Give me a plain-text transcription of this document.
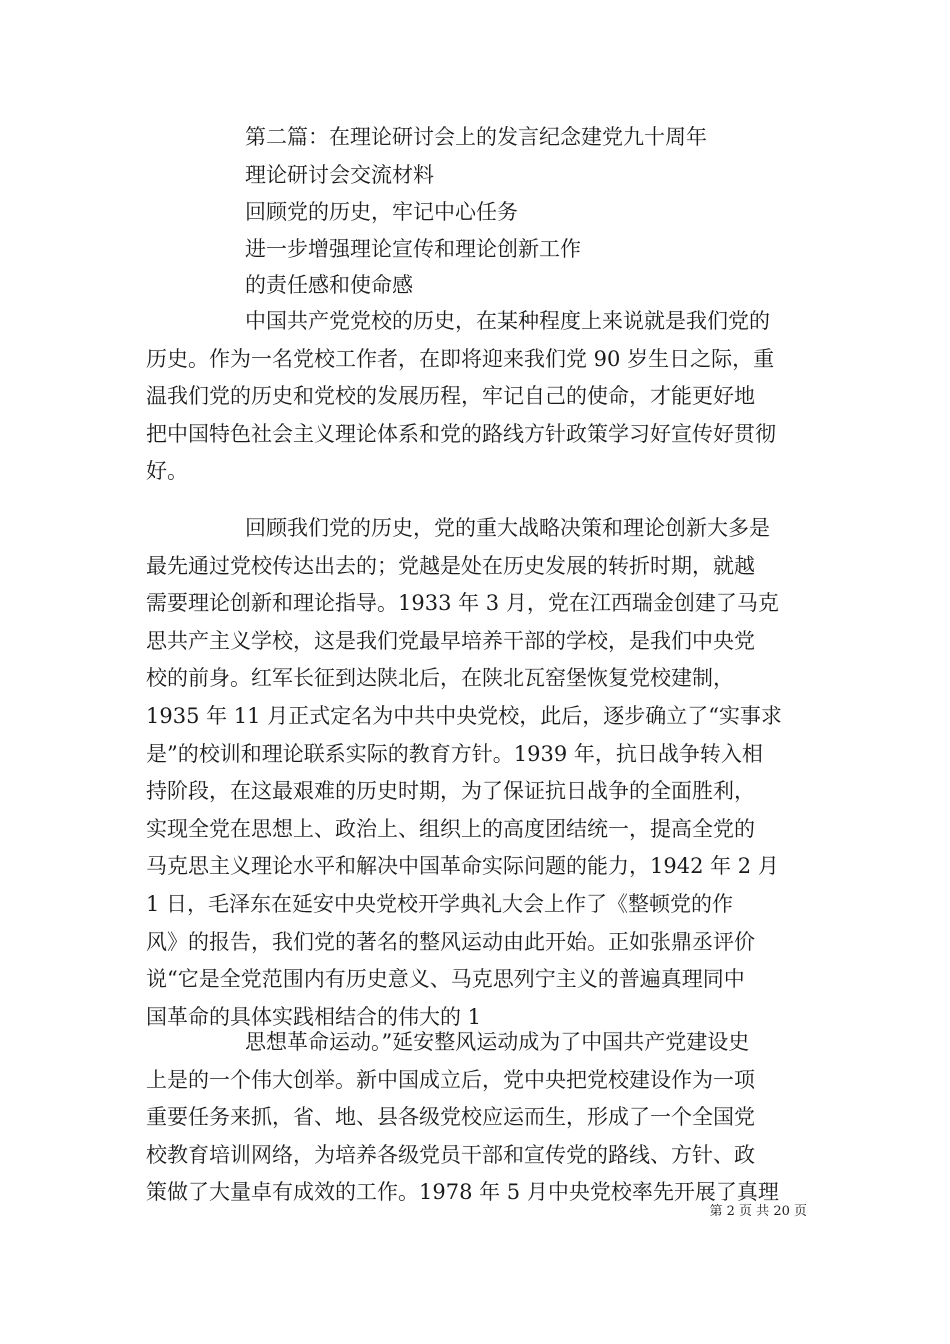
第二篇：在理论研讨会上的发言纪念建党九十周年
理论研讨会交流材料
回顾党的历史，牢记中心任务
进一步增强理论宣传和理论创新工作
的责任感和使命感
中国共产党党校的历史，在某种程度上来说就是我们党的
历史。作为一名党校工作者，在即将迎来我们党 90 岁生日之际，重
温我们党的历史和党校的发展历程，牢记自己的使命，才能更好地
把中国特色社会主义理论体系和党的路线方针政策学习好宣传好贯彻
好。
回顾我们党的历史，党的重大战略决策和理论创新大多是
最先通过党校传达出去的；党越是处在历史发展的转折时期，就越
需要理论创新和理论指导。1933 年 3 月，党在江西瑞金创建了马克
思共产主义学校，这是我们党最早培养干部的学校，是我们中央党
校的前身。红军长征到达陕北后，在陕北瓦窑堡恢复党校建制，
1935 年 11 月正式定名为中共中央党校，此后，逐步确立了“实事求
是”的校训和理论联系实际的教育方针。1939 年，抗日战争转入相
持阶段，在这最艰难的历史时期，为了保证抗日战争的全面胜利，
实现全党在思想上、政治上、组织上的高度团结统一，提高全党的
马克思主义理论水平和解决中国革命实际问题的能力，1942 年 2 月
1 日，毛泽东在延安中央党校开学典礼大会上作了《整顿党的作
风》的报告，我们党的著名的整风运动由此开始。正如张鼎丞评价
说“它是全党范围内有历史意义、马克思列宁主义的普遍真理同中
国革命的具体实践相结合的伟大的 1
思想革命运动。”延安整风运动成为了中国共产党建设史
上是的一个伟大创举。新中国成立后，党中央把党校建设作为一项
重要任务来抓，省、地、县各级党校应运而生，形成了一个全国党
校教育培训网络，为培养各级党员干部和宣传党的路线、方针、政
策做了大量卓有成效的工作。1978 年 5 月中央党校率先开展了真理
第 2 页 共 20 页
